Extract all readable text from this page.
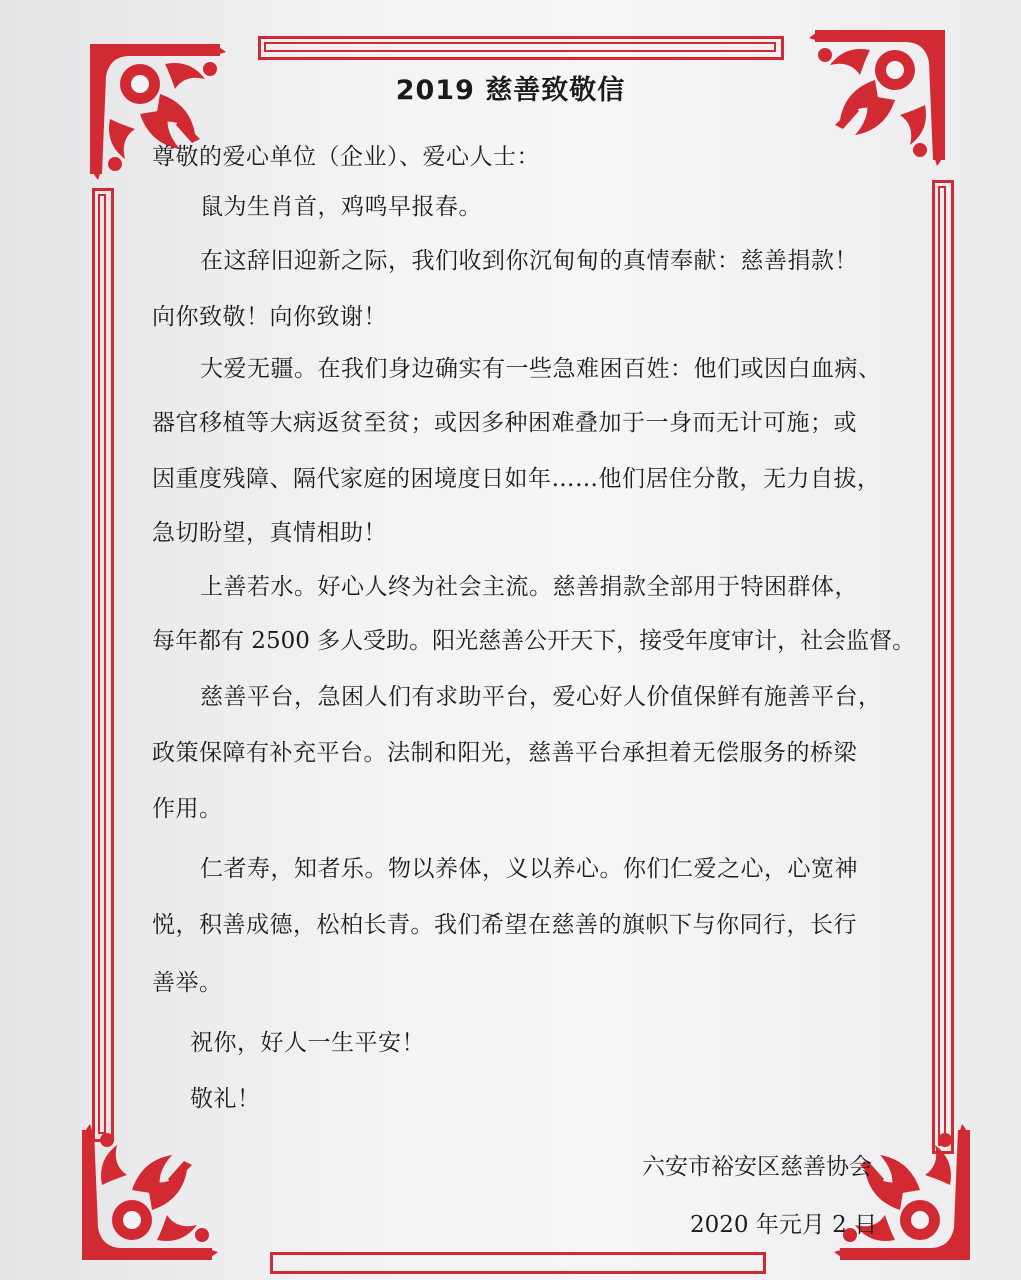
2019 慈善致敬信
尊敬的爱心单位（企业）、爱心人士：
鼠为生肖首，鸡鸣早报春。
在这辞旧迎新之际，我们收到你沉甸甸的真情奉献：慈善捐款！
向你致敬！向你致谢！
大爱无疆。在我们身边确实有一些急难困百姓：他们或因白血病、
器官移植等大病返贫至贫；或因多种困难叠加于一身而无计可施；或
因重度残障、隔代家庭的困境度日如年……他们居住分散，无力自拔，
急切盼望，真情相助！
上善若水。好心人终为社会主流。慈善捐款全部用于特困群体，
每年都有 2500 多人受助。阳光慈善公开天下，接受年度审计，社会监督。
慈善平台，急困人们有求助平台，爱心好人价值保鲜有施善平台，
政策保障有补充平台。法制和阳光，慈善平台承担着无偿服务的桥梁
作用。
仁者寿，知者乐。物以养体，义以养心。你们仁爱之心，心宽神
悦，积善成德，松柏长青。我们希望在慈善的旗帜下与你同行，长行
善举。
祝你，好人一生平安！
敬礼！
六安市裕安区慈善协会
2020 年元月 2 日
